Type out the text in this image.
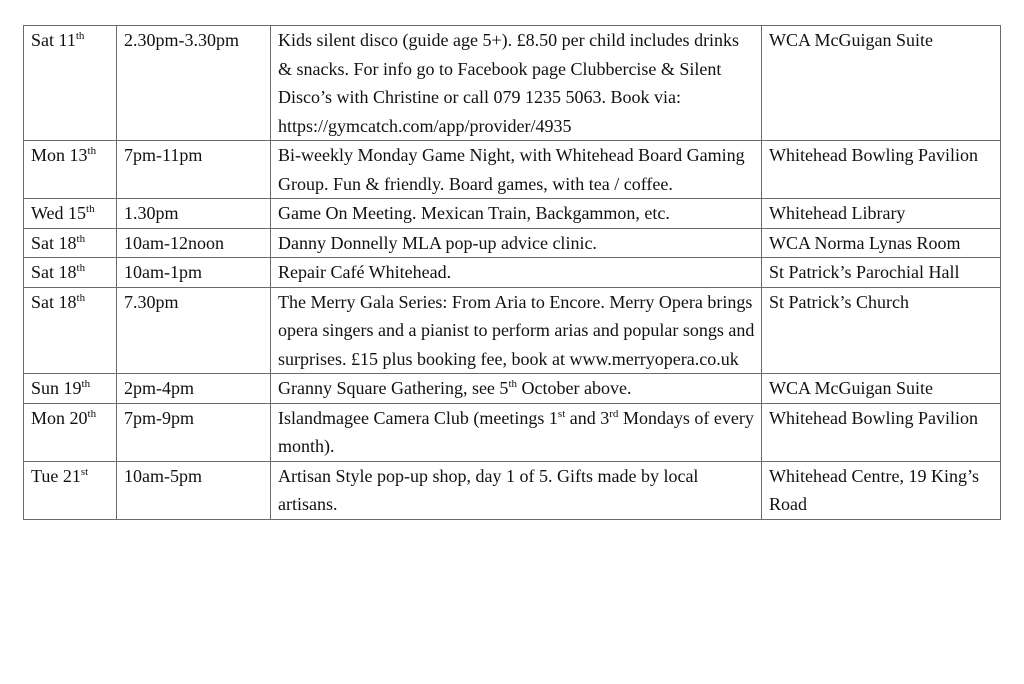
Sat 11th	2.30pm-3.30pm	Kids silent disco (guide age 5+). £8.50 per child includes drinks & snacks. For info go to Facebook page Clubbercise & Silent Disco’s with Christine or call 079 1235 5063. Book via: https://gymcatch.com/app/provider/4935	WCA McGuigan Suite
Mon 13th	7pm-11pm	Bi-weekly Monday Game Night, with Whitehead Board Gaming Group. Fun & friendly. Board games, with tea / coffee.	Whitehead Bowling Pavilion
Wed 15th	1.30pm	Game On Meeting. Mexican Train, Backgammon, etc.	Whitehead Library
Sat 18th	10am-12noon	Danny Donnelly MLA pop-up advice clinic.	WCA Norma Lynas Room
Sat 18th	10am-1pm	Repair Café Whitehead.	St Patrick’s Parochial Hall
Sat 18th	7.30pm	The Merry Gala Series: From Aria to Encore. Merry Opera brings opera singers and a pianist to perform arias and popular songs and surprises. £15 plus booking fee, book at www.merryopera.co.uk	St Patrick’s Church
Sun 19th	2pm-4pm	Granny Square Gathering, see 5th October above.	WCA McGuigan Suite
Mon 20th	7pm-9pm	Islandmagee Camera Club (meetings 1st and 3rd Mondays of every month).	Whitehead Bowling Pavilion
Tue 21st	10am-5pm	Artisan Style pop-up shop, day 1 of 5. Gifts made by local artisans.	Whitehead Centre, 19 King’s Road
